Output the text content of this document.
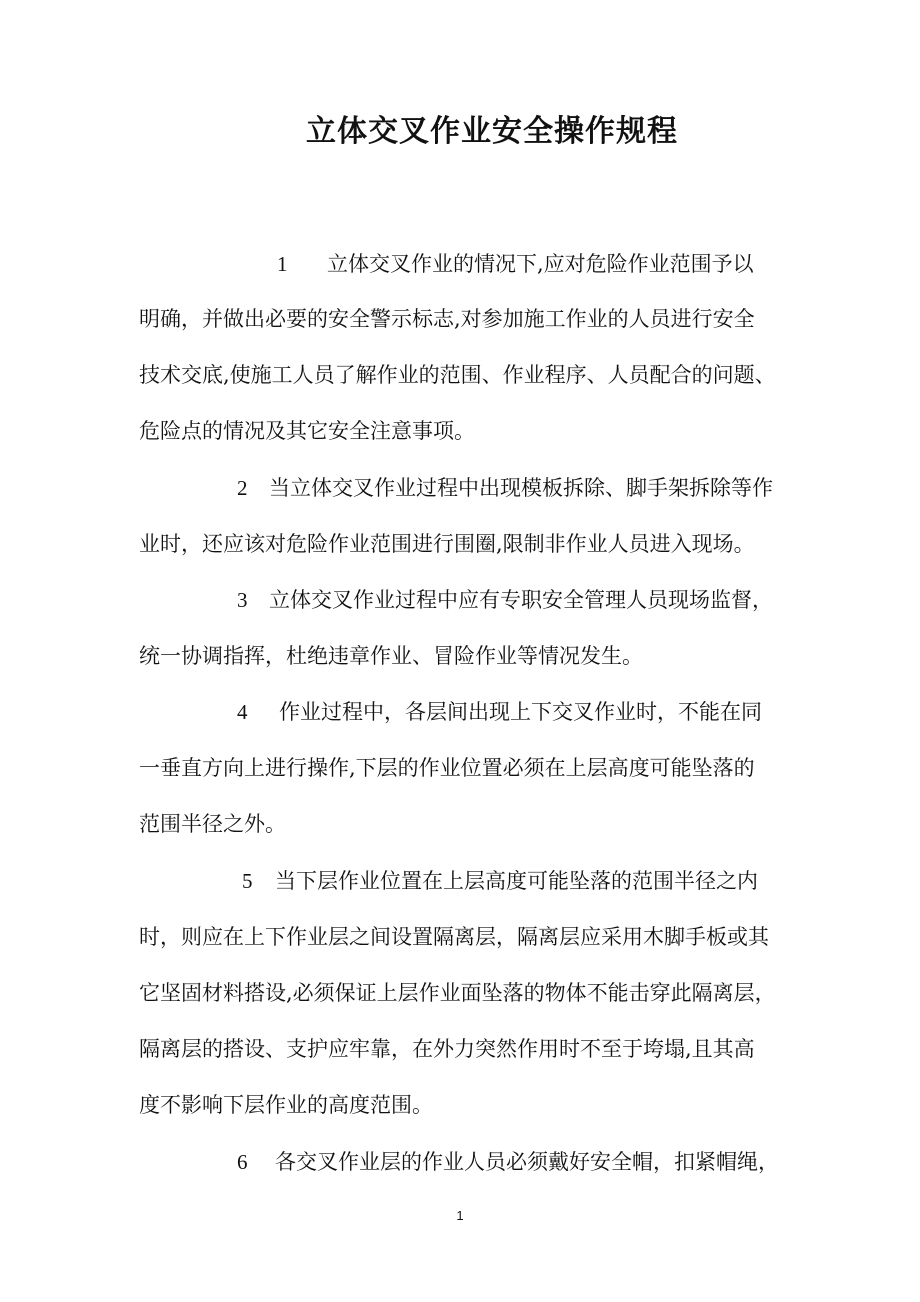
立体交叉作业安全操作规程
1 立体交叉作业的情况下,应对危险作业范围予以
明确，并做出必要的安全警示标志,对参加施工作业的人员进行安全
技术交底,使施工人员了解作业的范围、作业程序、人员配合的问题、
危险点的情况及其它安全注意事项。
2 当立体交叉作业过程中出现模板拆除、脚手架拆除等作
业时，还应该对危险作业范围进行围圈,限制非作业人员进入现场。
3 立体交叉作业过程中应有专职安全管理人员现场监督，
统一协调指挥，杜绝违章作业、冒险作业等情况发生。
4 作业过程中，各层间出现上下交叉作业时，不能在同
一垂直方向上进行操作,下层的作业位置必须在上层高度可能坠落的
范围半径之外。
5 当下层作业位置在上层高度可能坠落的范围半径之内
时，则应在上下作业层之间设置隔离层，隔离层应采用木脚手板或其
它坚固材料搭设,必须保证上层作业面坠落的物体不能击穿此隔离层，
隔离层的搭设、支护应牢靠，在外力突然作用时不至于垮塌,且其高
度不影响下层作业的高度范围。
6 各交叉作业层的作业人员必须戴好安全帽，扣紧帽绳，
1
